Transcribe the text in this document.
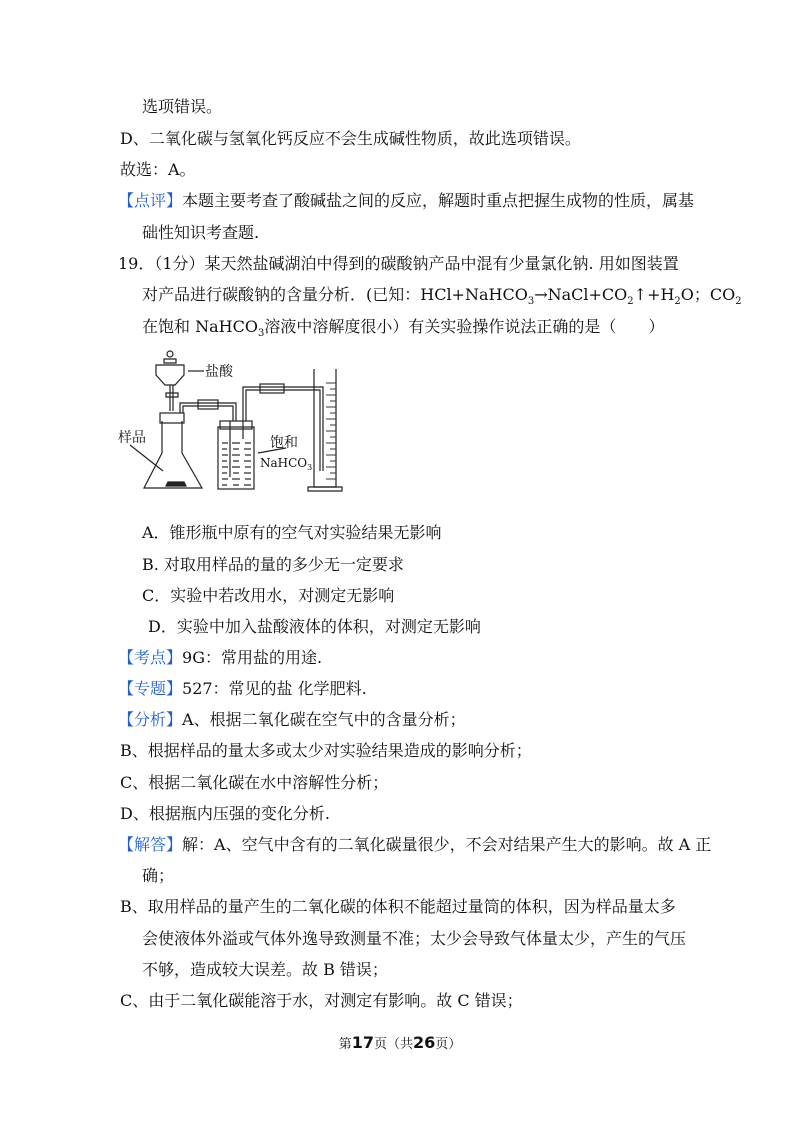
选项错误。
D、二氧化碳与氢氧化钙反应不会生成碱性物质，故此选项错误。
故选：A。
【点评】本题主要考查了酸碱盐之间的反应，解题时重点把握生成物的性质，属基
础性知识考查题.
19．（1分）某天然盐碱湖泊中得到的碳酸钠产品中混有少量氯化钠. 用如图装置
对产品进行碳酸钠的含量分析．(已知：$HCl+NaHCO_3\to NaCl+CO_2↑+H_2O$；$CO_2$
在饱和 NaHCO$_3$溶液中溶解度很小）有关实验操作说法正确的是（　　）
盐酸
样品	饱和
NaHCO$_3$
A．锥形瓶中原有的空气对实验结果无影响
B. 对取用样品的量的多少无一定要求
C．实验中若改用水，对测定无影响
D．实验中加入盐酸液体的体积，对测定无影响
【考点】9G：常用盐的用途.
【专题】527：常见的盐 化学肥料.
【分析】A、根据二氧化碳在空气中的含量分析；
B、根据样品的量太多或太少对实验结果造成的影响分析；
C、根据二氧化碳在水中溶解性分析；
D、根据瓶内压强的变化分析.
【解答】解：A、空气中含有的二氧化碳量很少，不会对结果产生大的影响。故 A 正
确；
B、取用样品的量产生的二氧化碳的体积不能超过量筒的体积，因为样品量太多
会使液体外溢或气体外逸导致测量不准；太少会导致气体量太少，产生的气压
不够，造成较大误差。故 B 错误；
C、由于二氧化碳能溶于水，对测定有影响。故 C 错误；
第17页（共26页）
